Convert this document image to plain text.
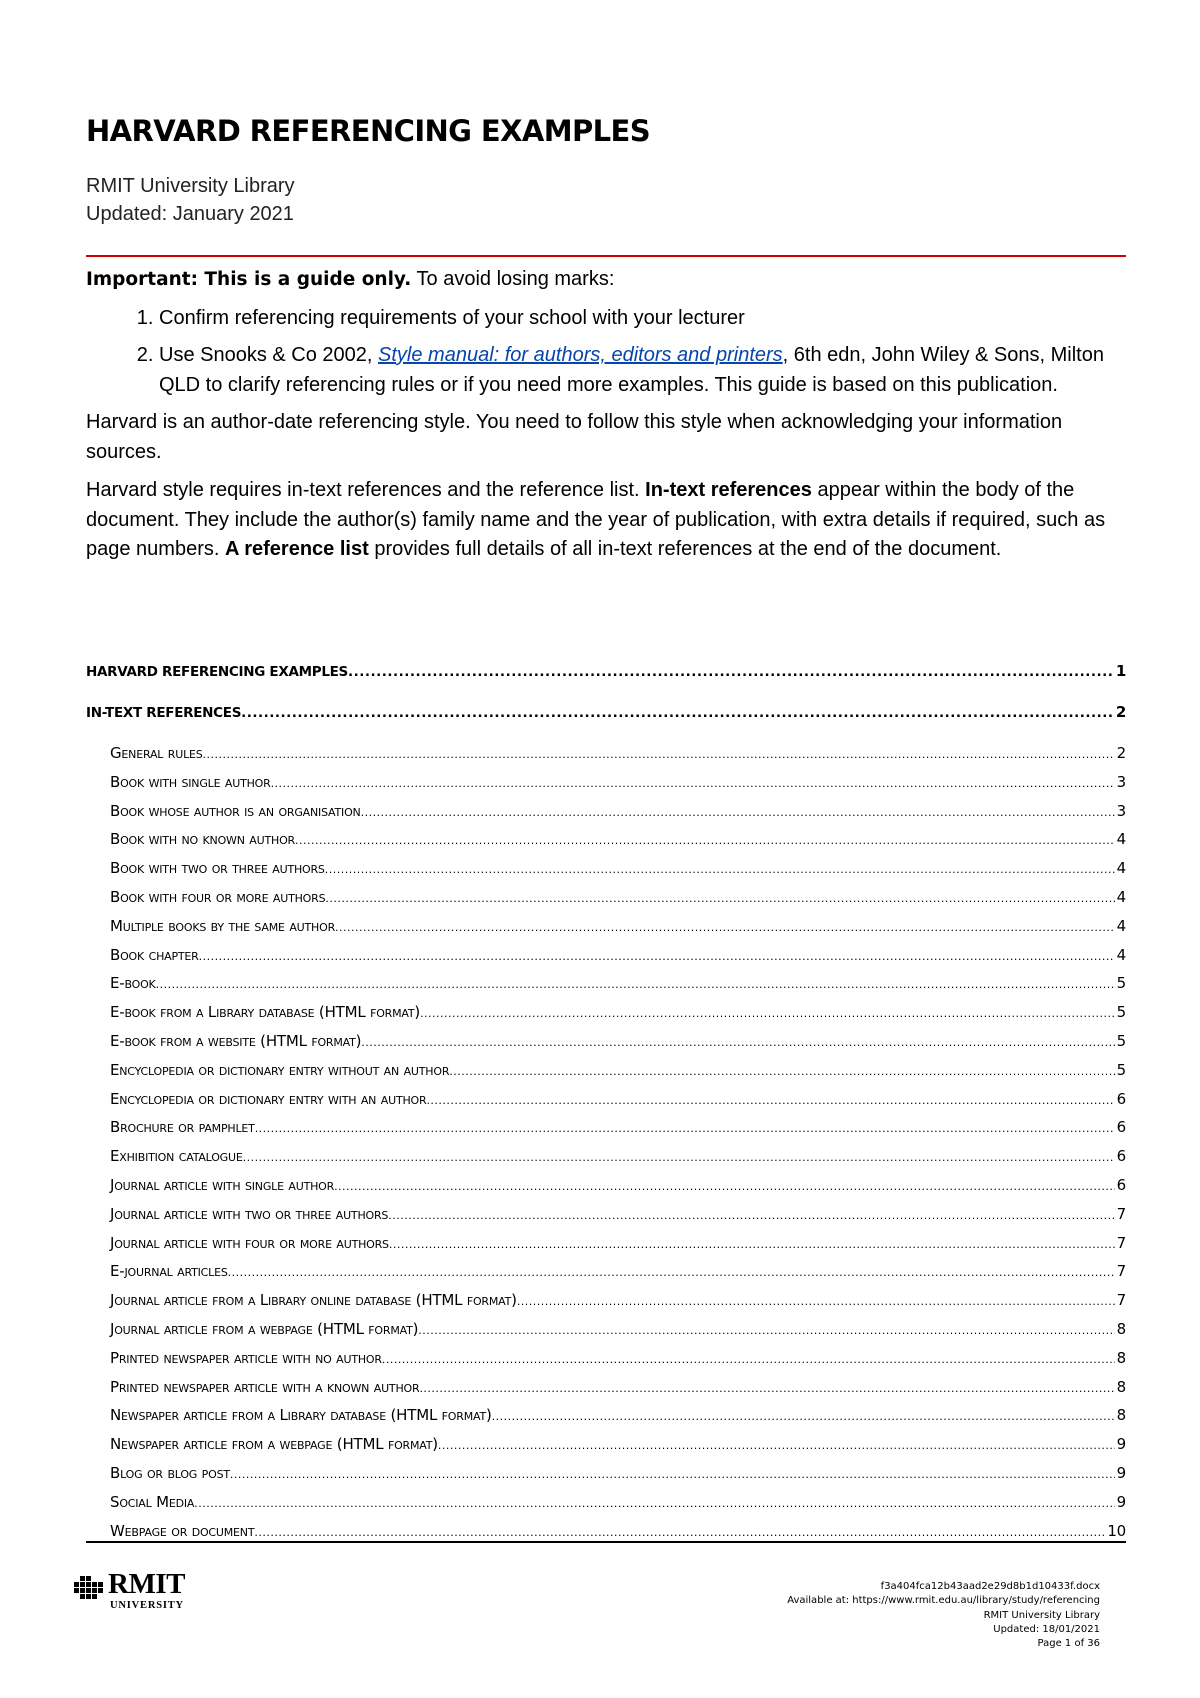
HARVARD REFERENCING EXAMPLES
RMIT University Library
Updated: January 2021

Important: This is a guide only. To avoid losing marks:

1. Confirm referencing requirements of your school with your lecturer
2. Use Snooks & Co 2002, Style manual: for authors, editors and printers, 6th edn, John Wiley & Sons, Milton QLD to clarify referencing rules or if you need more examples. This guide is based on this publication.

Harvard is an author-date referencing style. You need to follow this style when acknowledging your information sources.

Harvard style requires in-text references and the reference list. In-text references appear within the body of the document. They include the author(s) family name and the year of publication, with extra details if required, such as page numbers. A reference list provides full details of all in-text references at the end of the document.

HARVARD REFERENCING EXAMPLES .....	1
IN-TEXT REFERENCES .....	2
General rules .....	2
Book with single author .....	3
Book whose author is an organisation .....	3
Book with no known author .....	4
Book with two or three authors .....	4
Book with four or more authors .....	4
Multiple books by the same author .....	4
Book chapter .....	4
E-book .....	5
E-book from a Library database (HTML format) .....	5
E-book from a website (HTML format) .....	5
Encyclopedia or dictionary entry without an author .....	5
Encyclopedia or dictionary entry with an author .....	6
Brochure or pamphlet .....	6
Exhibition catalogue .....	6
Journal article with single author .....	6
Journal article with two or three authors .....	7
Journal article with four or more authors .....	7
E-journal articles .....	7
Journal article from a Library online database (HTML format) .....	7
Journal article from a webpage (HTML format) .....	8
Printed newspaper article with no author .....	8
Printed newspaper article with a known author .....	8
Newspaper article from a Library database (HTML format) .....	8
Newspaper article from a webpage (HTML format) .....	9
Blog or blog post .....	9
Social Media .....	9
Webpage or document .....	10
RMIT
UNIVERSITY
f3a404fca12b43aad2e29d8b1d10433f.docx
Available at: https://www.rmit.edu.au/library/study/referencing
RMIT University Library
Updated: 18/01/2021
Page 1 of 36
